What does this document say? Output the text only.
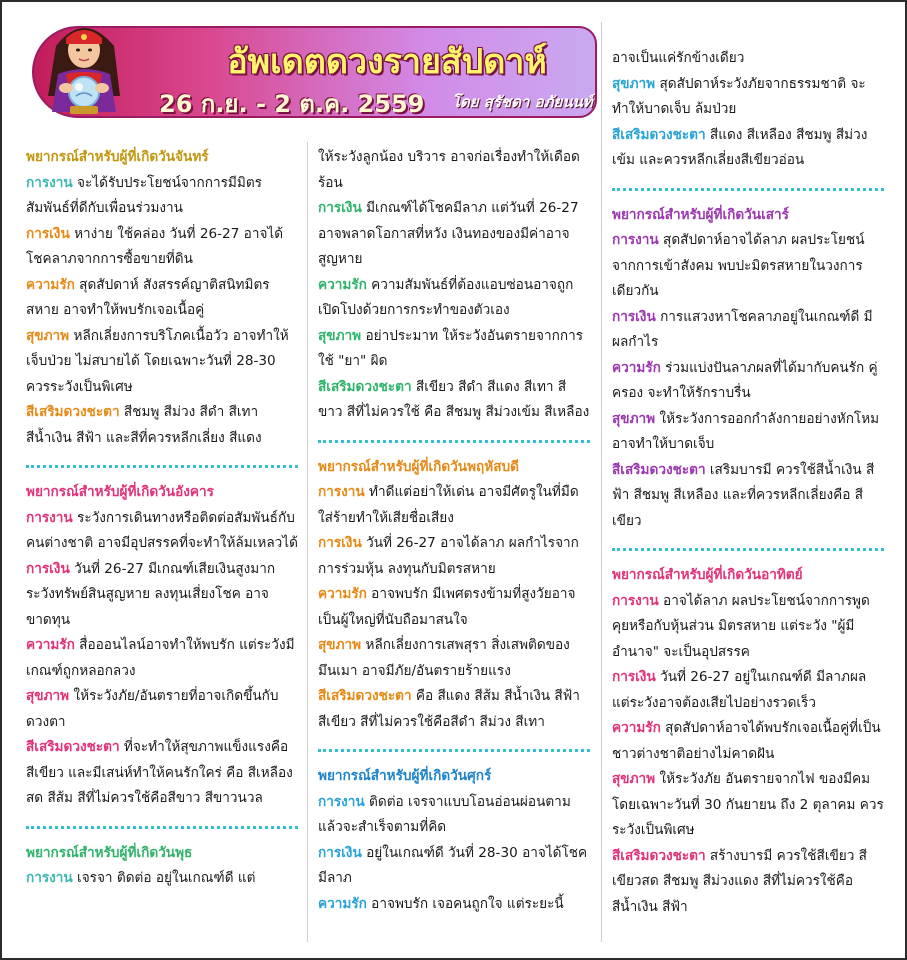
อัพเดตดวงรายสัปดาห์
26 ก.ย. - 2 ต.ค. 2559 โดย สุรัชดา อภัยนนท์

พยากรณ์สำหรับผู้ที่เกิดวันจันทร์

การงาน จะได้รับประโยชน์จากการมีมิตรสัมพันธ์ที่ดีกับเพื่อนร่วมงาน

การเงิน หาง่าย ใช้คล่อง วันที่ 26-27 อาจได้โชคลาภจากการซื้อขายที่ดิน

ความรัก สุดสัปดาห์ สังสรรค์ญาติสนิทมิตรสหาย อาจทำให้พบรักเจอเนื้อคู่

สุขภาพ หลีกเลี่ยงการบริโภคเนื้อวัว อาจทำให้เจ็บป่วย ไม่สบายได้ โดยเฉพาะวันที่ 28-30 ควรระวังเป็นพิเศษ

สีเสริมดวงชะตา สีชมพู สีม่วง สีดำ สีเทา สีน้ำเงิน สีฟ้า และสีที่ควรหลีกเลี่ยง สีแดง

พยากรณ์สำหรับผู้ที่เกิดวันอังคาร

การงาน ระวังการเดินทางหรือติดต่อสัมพันธ์กับคนต่างชาติ อาจมีอุปสรรคที่จะทำให้ล้มเหลวได้

การเงิน วันที่ 26-27 มีเกณฑ์เสียเงินสูงมาก ระวังทรัพย์สินสูญหาย ลงทุนเสี่ยงโชค อาจขาดทุน

ความรัก สื่อออนไลน์อาจทำให้พบรัก แต่ระวังมีเกณฑ์ถูกหลอกลวง

สุขภาพ ให้ระวังภัย/อันตรายที่อาจเกิดขึ้นกับดวงตา

สีเสริมดวงชะตา ที่จะทำให้สุขภาพแข็งแรงคือ สีเขียว และมีเสน่ห์ทำให้คนรักใคร่ คือ สีเหลืองสด สีส้ม สีที่ไม่ควรใช้คือสีขาว สีขาวนวล

พยากรณ์สำหรับผู้ที่เกิดวันพุธ

การงาน เจรจา ติดต่อ อยู่ในเกณฑ์ดี แต่

ให้ระวังลูกน้อง บริวาร อาจก่อเรื่องทำให้เดือดร้อน

การเงิน มีเกณฑ์ได้โชคมีลาภ แต่วันที่ 26-27 อาจพลาดโอกาสที่หวัง เงินทองของมีค่าอาจสูญหาย

ความรัก ความสัมพันธ์ที่ต้องแอบซ่อนอาจถูกเปิดโปงด้วยการกระทำของตัวเอง

สุขภาพ อย่าประมาท ให้ระวังอันตรายจากการใช้ "ยา" ผิด

สีเสริมดวงชะตา สีเขียว สีดำ สีแดง สีเทา สีขาว สีที่ไม่ควรใช้ คือ สีชมพู สีม่วงเข้ม สีเหลือง

พยากรณ์สำหรับผู้ที่เกิดวันพฤหัสบดี

การงาน ทำดีแต่อย่าให้เด่น อาจมีศัตรูในที่มืดใส่ร้ายทำให้เสียชื่อเสียง

การเงิน วันที่ 26-27 อาจได้ลาภ ผลกำไรจากการร่วมหุ้น ลงทุนกับมิตรสหาย

ความรัก อาจพบรัก มีเพศตรงข้ามที่สูงวัยอาจเป็นผู้ใหญ่ที่นับถือมาสนใจ

สุขภาพ หลีกเลี่ยงการเสพสุรา สิ่งเสพติดของมึนเมา อาจมีภัย/อันตรายร้ายแรง

สีเสริมดวงชะตา คือ สีแดง สีส้ม สีน้ำเงิน สีฟ้า สีเขียว สีที่ไม่ควรใช้คือสีดำ สีม่วง สีเทา

พยากรณ์สำหรับผู้ที่เกิดวันศุกร์

การงาน ติดต่อ เจรจาแบบโอนอ่อนผ่อนตามแล้วจะสำเร็จตามที่คิด

การเงิน อยู่ในเกณฑ์ดี วันที่ 28-30 อาจได้โชคมีลาภ

ความรัก อาจพบรัก เจอคนถูกใจ แต่ระยะนี้

อาจเป็นแค่รักข้างเดียว

สุขภาพ สุดสัปดาห์ระวังภัยจากธรรมชาติ จะทำให้บาดเจ็บ ล้มป่วย

สีเสริมดวงชะตา สีแดง สีเหลือง สีชมพู สีม่วงเข้ม และควรหลีกเลี่ยงสีเขียวอ่อน

พยากรณ์สำหรับผู้ที่เกิดวันเสาร์

การงาน สุดสัปดาห์อาจได้ลาภ ผลประโยชน์จากการเข้าสังคม พบปะมิตรสหายในวงการเดียวกัน

การเงิน การแสวงหาโชคลาภอยู่ในเกณฑ์ดี มีผลกำไร

ความรัก ร่วมแบ่งปันลาภผลที่ได้มากับคนรัก คู่ครอง จะทำให้รักราบรื่น

สุขภาพ ให้ระวังการออกกำลังกายอย่างหักโหม อาจทำให้บาดเจ็บ

สีเสริมดวงชะตา เสริมบารมี ควรใช้สีน้ำเงิน สีฟ้า สีชมพู สีเหลือง และที่ควรหลีกเลี่ยงคือ สีเขียว

พยากรณ์สำหรับผู้ที่เกิดวันอาทิตย์

การงาน อาจได้ลาภ ผลประโยชน์จากการพูดคุยหรือกับหุ้นส่วน มิตรสหาย แต่ระวัง "ผู้มีอำนาจ" จะเป็นอุปสรรค

การเงิน วันที่ 26-27 อยู่ในเกณฑ์ดี มีลาภผล แต่ระวังอาจต้องเสียไปอย่างรวดเร็ว

ความรัก สุดสัปดาห์อาจได้พบรักเจอเนื้อคู่ที่เป็นชาวต่างชาติอย่างไม่คาดฝัน

สุขภาพ ให้ระวังภัย อันตรายจากไฟ ของมีคม โดยเฉพาะวันที่ 30 กันยายน ถึง 2 ตุลาคม ควรระวังเป็นพิเศษ

สีเสริมดวงชะตา สร้างบารมี ควรใช้สีเขียว สีเขียวสด สีชมพู สีม่วงแดง สีที่ไม่ควรใช้คือสีน้ำเงิน สีฟ้า
